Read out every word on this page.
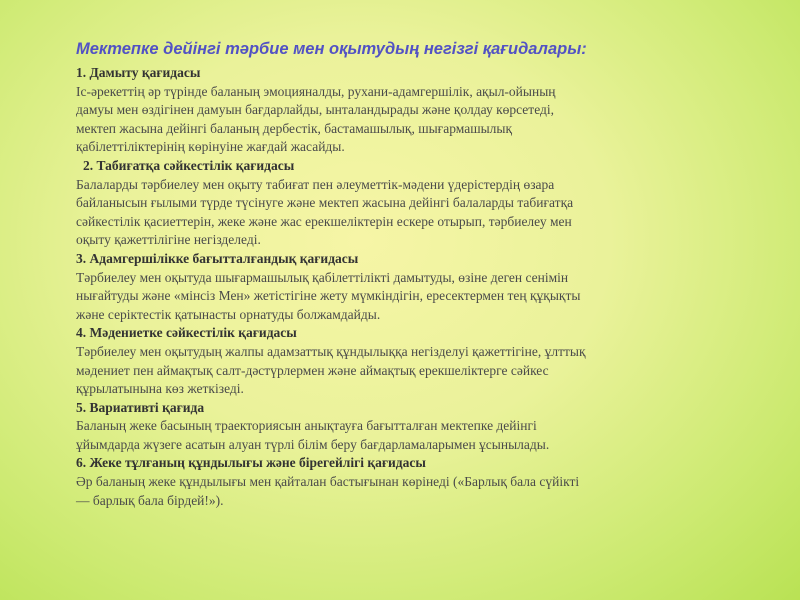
Мектепке дейінгі тәрбие мен оқытудың негізгі қағидалары:
1. Дамыту қағидасы
Іс-әрекеттің әр түрінде баланың эмоцияналды, рухани-адамгершілік, ақыл-ойының
дамуы мен өздігінен дамуын бағдарлайды, ынталандырады және қолдау көрсетеді,
мектеп жасына дейінгі баланың дербестік, бастамашылық, шығармашылық
қабілеттіліктерінің көрінуіне жағдай жасайды.
2. Табиғатқа сәйкестілік қағидасы
Балаларды тәрбиелеу мен оқыту табиғат пен әлеуметтік-мәдени үдерістердің өзара
байланысын ғылыми түрде түсінуге және мектеп жасына дейінгі балаларды табиғатқа
сәйкестілік қасиеттерін, жеке және жас ерекшеліктерін ескере отырып, тәрбиелеу мен
оқыту қажеттілігіне негізделеді.
3. Адамгершілікке бағытталғандық қағидасы
Тәрбиелеу мен оқытуда шығармашылық қабілеттілікті дамытуды, өзіне деген сенімін
нығайтуды және «мінсіз Мен» жетістігіне жету мүмкіндігін, ересектермен тең құқықты
және серіктестік қатынасты орнатуды болжамдайды.
4. Мәдениетке сәйкестілік қағидасы
Тәрбиелеу мен оқытудың жалпы адамзаттық құндылыққа негізделуі қажеттігіне, ұлттық
мәдениет пен аймақтық салт-дәстүрлермен және аймақтық ерекшеліктерге сәйкес
құрылатынына көз жеткізеді.
5. Вариативті қағида
Баланың жеке басының траекториясын анықтауға бағытталған мектепке дейінгі
ұйымдарда жүзеге асатын алуан түрлі білім беру бағдарламаларымен ұсынылады.
6. Жеке тұлғаның құндылығы және бірегейлігі қағидасы
Әр баланың жеке құндылығы мен қайталан бастығынан көрінеді («Барлық бала сүйікті
— барлық бала бірдей!»).
